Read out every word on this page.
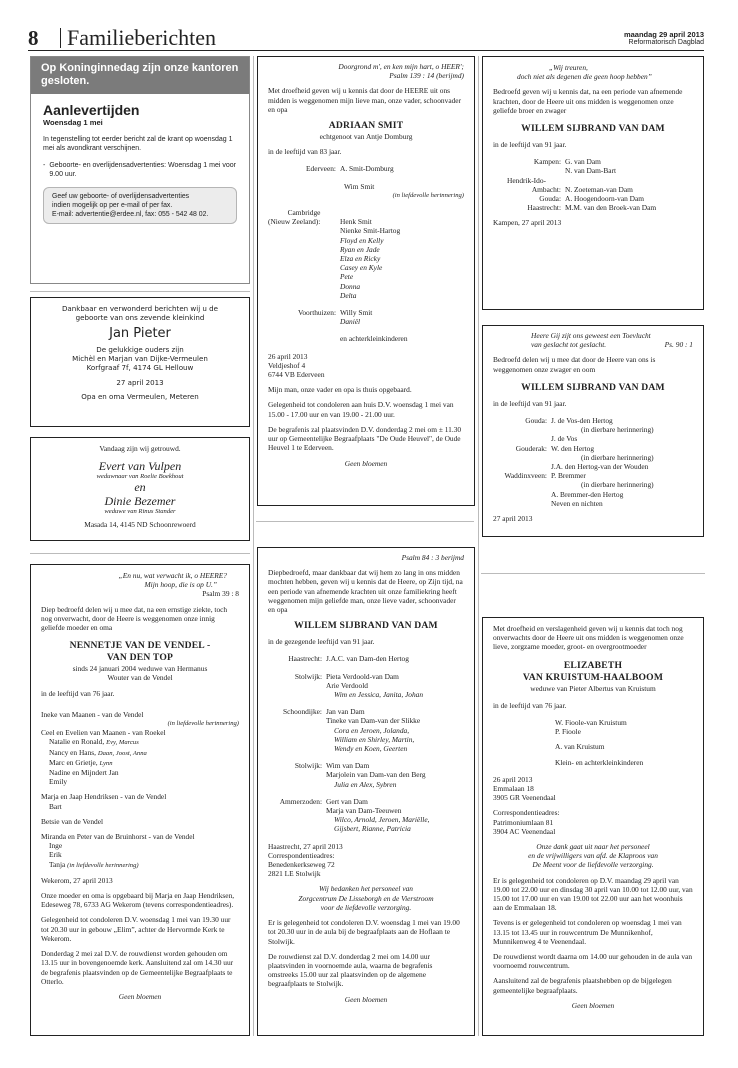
8 Familieberichten	maandag 29 april 2013
Reformatorisch Dagblad
Op Koninginnedag zijn onze kantoren gesloten.
Aanlevertijden
Woensdag 1 mei
In tegenstelling tot eerder bericht zal de krant op woensdag 1 mei als avondkrant verschijnen.
- Geboorte- en overlijdensadvertenties: Woensdag 1 mei voor 9.00 uur.
Geef uw geboorte- of overlijdensadvertenties
indien mogelijk op per e-mail of per fax.
E-mail: advertentie@erdee.nl, fax: 055 - 542 48 02.
Dankbaar en verwonderd berichten wij u de
geboorte van ons zevende kleinkind
Jan Pieter
De gelukkige ouders zijn
Michèl en Marjan van Dijke-Vermeulen
Korfgraaf 7f, 4174 GL Hellouw
27 april 2013
Opa en oma Vermeulen, Meteren
Vandaag zijn wij getrouwd.
Evert van Vulpen
weduwnaar van Roelie Boekhout
en
Dinie Bezemer
weduwe van Rinus Stander
Masada 14, 4145 ND Schoonrewoerd
„En nu, wat verwacht ik, o HEERE?
Mijn hoop, die is op U.”
Psalm 39 : 8
Diep bedroefd delen wij u mee dat, na een ernstige ziekte, toch nog onverwacht, door de Heere is weggenomen onze innig geliefde moeder en oma
NENNETJE VAN DE VENDEL -
VAN DEN TOP
sinds 24 januari 2004 weduwe van Hermanus
Wouter van de Vendel
in de leeftijd van 76 jaar.
Ineke van Maanen - van de Vendel
(in liefdevolle herinnering)
Ceel en Evelien van Maanen - van Roekel
Natalie en Ronald, Evy, Marcus
Nancy en Hans, Daan, Joost, Anna
Marc en Grietje, Lynn
Nadine en Mijndert Jan
Emily
Marja en Jaap Hendriksen - van de Vendel
Bart
Betsie van de Vendel
Miranda en Peter van de Bruinhorst - van de Vendel
Inge
Erik
Tanja (in liefdevolle herinnering)
Wekerom, 27 april 2013
Onze moeder en oma is opgebaard bij Marja en Jaap Hendriksen, Edeseweg 78, 6733 AG Wekerom (tevens correspondentieadres).
Gelegenheid tot condoleren D.V. woensdag 1 mei van 19.30 uur tot 20.30 uur in gebouw „Elim”, achter de Hervormde Kerk te Wekerom.
Donderdag 2 mei zal D.V. de rouwdienst worden gehouden om 13.15 uur in bovengenoemde kerk. Aansluitend zal om 14.30 uur de begrafenis plaatsvinden op de Gemeentelijke Begraafplaats te Otterlo.
Geen bloemen
Doorgrond m', en ken mijn hart, o HEER';
Psalm 139 : 14 (berijmd)
Met droefheid geven wij u kennis dat door de HEERE uit ons midden is weggenomen mijn lieve man, onze vader, schoonvader en opa
ADRIAAN SMIT
echtgenoot van Antje Domburg
in de leeftijd van 83 jaar.
Ederveen: A. Smit-Domburg
Wim Smit
(in liefdevolle herinnering)
Cambridge
(Nieuw Zeeland):	Henk Smit
Nienke Smit-Hartog
Floyd en Kelly
Ryan en Jade
Elza en Ricky
Casey en Kyle
Pete
Donna
Delta
Voorthuizen: Willy Smit
Daniël
en achterkleinkinderen
26 april 2013
Veldjeshof 4
6744 VB Ederveen
Mijn man, onze vader en opa is thuis opgebaard.
Gelegenheid tot condoleren aan huis D.V. woensdag 1 mei van 15.00 - 17.00 uur en van 19.00 - 21.00 uur.
De begrafenis zal plaatsvinden D.V. donderdag 2 mei om ± 11.30 uur op Gemeentelijke Begraafplaats "De Oude Heuvel", de Oude Heuvel 1 te Ederveen.
Geen bloemen
Psalm 84 : 3 berijmd
Diepbedroefd, maar dankbaar dat wij hem zo lang in ons midden mochten hebben, geven wij u kennis dat de Heere, op Zijn tijd, na een periode van afnemende krachten uit onze familiekring heeft weggenomen mijn geliefde man, onze lieve vader, schoonvader en opa
WILLEM SIJBRAND VAN DAM
in de gezegende leeftijd van 91 jaar.
Haastrecht: J.A.C. van Dam-den Hertog
Stolwijk: Pieta Verdoold-van Dam
Arie Verdoold
Wim en Jessica, Janita, Johan
Schoondijke: Jan van Dam
Tineke van Dam-van der Slikke
Cora en Jeroen, Jolanda,
William en Shirley, Martin,
Wendy en Koen, Geerten
Stolwijk: Wim van Dam
Marjolein van Dam-van den Berg
Julia en Alex, Sybren
Ammerzoden: Gert van Dam
Marja van Dam-Teeuwen
Wilco, Arnold, Jeroen, Mariëlle,
Gijsbert, Rianne, Patricia
Haastrecht, 27 april 2013
Correspondentieadres:
Benedenkerkseweg 72
2821 LE Stolwijk
Wij bedanken het personeel van
Zorgcentrum De Lisseborgh en de Vierstroom
voor de liefdevolle verzorging.
Er is gelegenheid tot condoleren D.V. woensdag 1 mei van 19.00 tot 20.30 uur in de aula bij de begraafplaats aan de Hoflaan te Stolwijk.
De rouwdienst zal D.V. donderdag 2 mei om 14.00 uur plaatsvinden in voornoemde aula, waarna de begrafenis omstreeks 15.00 uur zal plaatsvinden op de algemene begraafplaats te Stolwijk.
Geen bloemen
„Wij treuren,
doch niet als degenen die geen hoop hebben”
Bedroefd geven wij u kennis dat, na een periode van afnemende krachten, door de Heere uit ons midden is weggenomen onze geliefde broer en zwager
WILLEM SIJBRAND VAN DAM
in de leeftijd van 91 jaar.
Kampen: G. van Dam
N. van Dam-Bart
Hendrik-Ido-
Ambacht: N. Zoeteman-van Dam
Gouda: A. Hoogendoorn-van Dam
Haastrecht: M.M. van den Broek-van Dam
Kampen, 27 april 2013
Heere Gij zijt ons geweest een Toevlucht
van geslacht tot geslacht.	Ps. 90 : 1
Bedroefd delen wij u mee dat door de Heere van ons is weggenomen onze zwager en oom
WILLEM SIJBRAND VAN DAM
in de leeftijd van 91 jaar.
Gouda: J. de Vos-den Hertog
(in dierbare herinnering)
J. de Vos
Gouderak: W. den Hertog
(in dierbare herinnering)
J.A. den Hertog-van der Wouden
Waddinxveen: P. Bremmer
(in dierbare herinnering)
A. Bremmer-den Hertog
Neven en nichten
27 april 2013
Met droefheid en verslagenheid geven wij u kennis dat toch nog onverwachts door de Heere uit ons midden is weggenomen onze lieve, zorgzame moeder, groot- en overgrootmoeder
ELIZABETH
VAN KRUISTUM-HAALBOOM
weduwe van Pieter Albertus van Kruistum
in de leeftijd van 76 jaar.
W. Fioole-van Kruistum
P. Fioole
A. van Kruistum
Klein- en achterkleinkinderen
26 april 2013
Emmalaan 18
3905 GR Veenendaal
Correspondentieadres:
Patrimoniumlaan 81
3904 AC Veenendaal
Onze dank gaat uit naar het personeel
en de vrijwilligers van afd. de Klaproos van
De Meent voor de liefdevolle verzorging.
Er is gelegenheid tot condoleren op D.V. maandag 29 april van 19.00 tot 22.00 uur en dinsdag 30 april van 10.00 tot 12.00 uur, van 15.00 tot 17.00 uur en van 19.00 tot 22.00 uur aan het woonhuis aan de Emmalaan 18.
Tevens is er gelegenheid tot condoleren op woensdag 1 mei van 13.15 tot 13.45 uur in rouwcentrum De Munnikenhof, Munnikenweg 4 te Veenendaal.
De rouwdienst wordt daarna om 14.00 uur gehouden in de aula van voornoemd rouwcentrum.
Aansluitend zal de begrafenis plaatshebben op de bijgelegen gemeentelijke begraafplaats.
Geen bloemen
